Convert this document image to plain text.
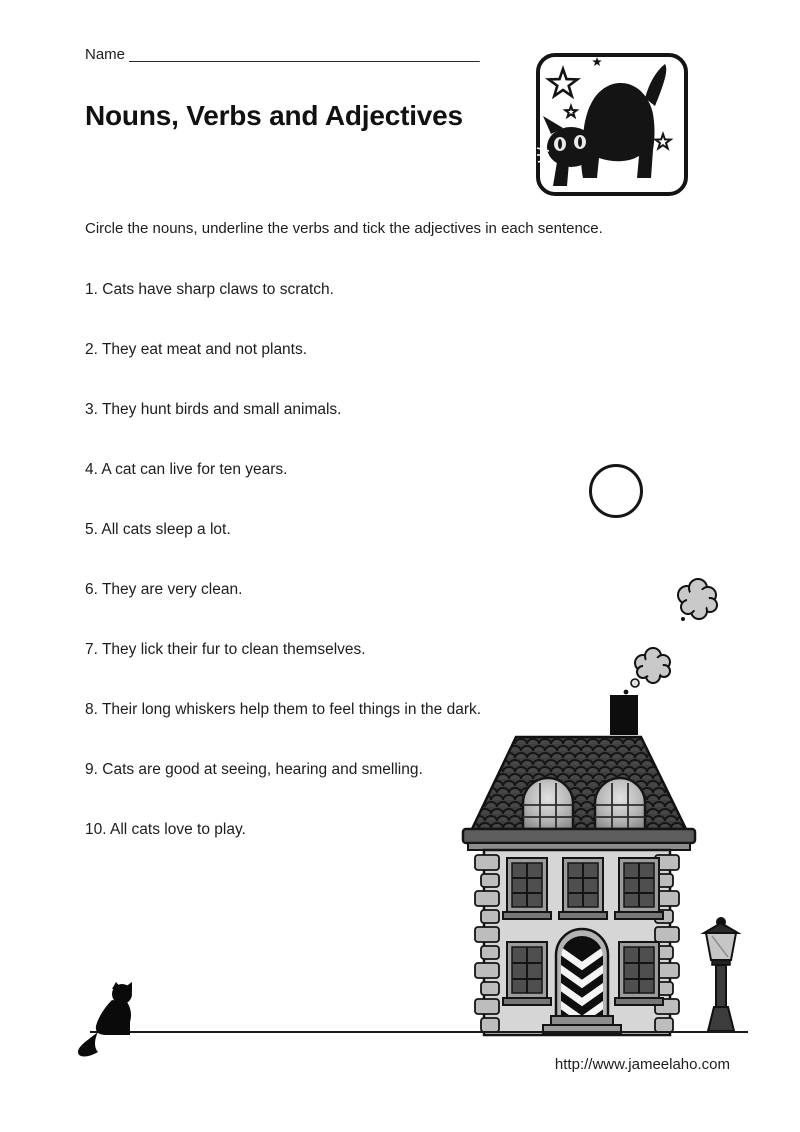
Name __________________________________________
Nouns, Verbs and Adjectives

Circle the nouns, underline the verbs and tick the adjectives in each sentence.

1. Cats have sharp claws to scratch.

2. They eat meat and not plants.

3. They hunt birds and small animals.

4. A cat can live for ten years.

5. All cats sleep a lot.

6. They are very clean.

7. They lick their fur to clean themselves.

8. Their long whiskers help them to feel things in the dark.

9. Cats are good at seeing, hearing and smelling.

10. All cats love to play.

http://www.jameelaho.com
